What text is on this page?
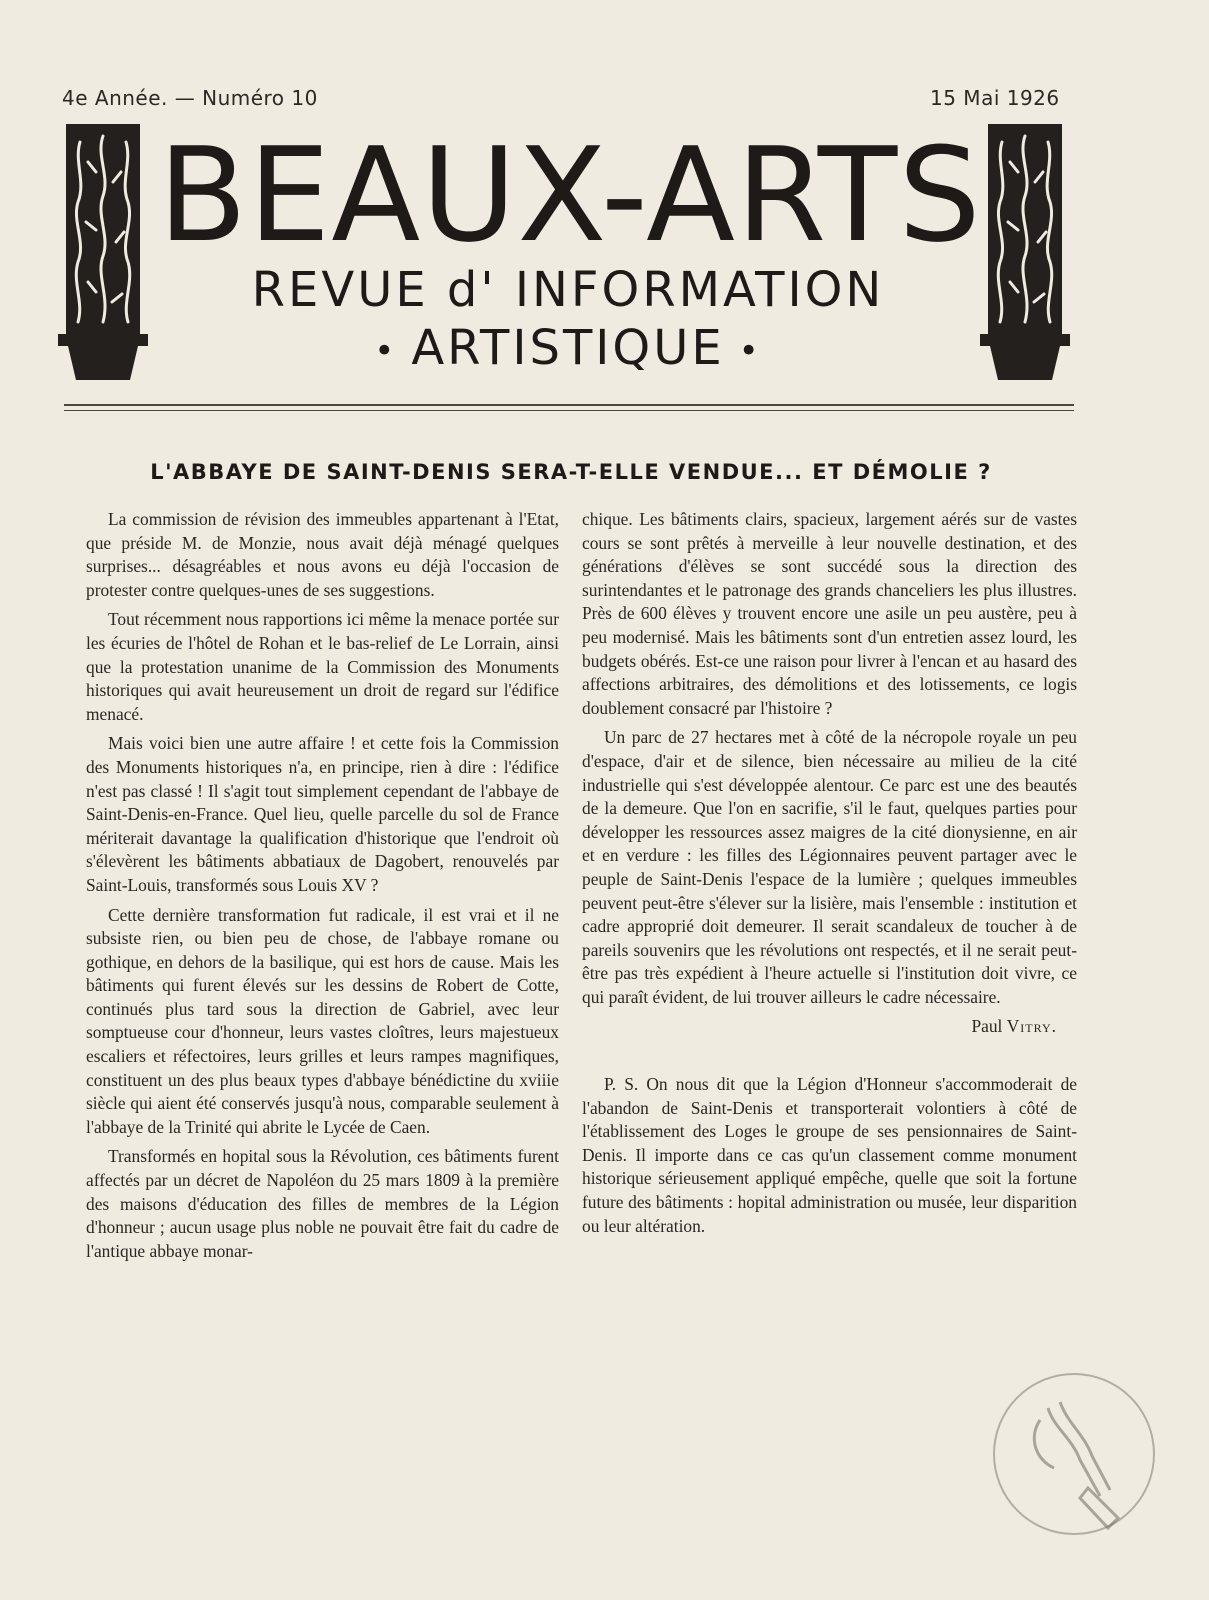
4e Année. — Numéro 10	15 Mai 1926
BEAUX-ARTS
REVUE d' INFORMATION
• ARTISTIQUE •
L'ABBAYE DE SAINT-DENIS SERA-T-ELLE VENDUE... ET DÉMOLIE ?

La commission de révision des immeubles appartenant à l'Etat, que préside M. de Monzie, nous avait déjà ménagé quelques surprises... désagréables et nous avons eu déjà l'occasion de protester contre quelques-unes de ses suggestions.

Tout récemment nous rapportions ici même la menace portée sur les écuries de l'hôtel de Rohan et le bas-relief de Le Lorrain, ainsi que la protestation unanime de la Commission des Monuments historiques qui avait heureusement un droit de regard sur l'édifice menacé.

Mais voici bien une autre affaire ! et cette fois la Commission des Monuments historiques n'a, en principe, rien à dire : l'édifice n'est pas classé ! Il s'agit tout simplement cependant de l'abbaye de Saint-Denis-en-France. Quel lieu, quelle parcelle du sol de France mériterait davantage la qualification d'historique que l'endroit où s'élevèrent les bâtiments abbatiaux de Dagobert, renouvelés par Saint-Louis, transformés sous Louis XV ?

Cette dernière transformation fut radicale, il est vrai et il ne subsiste rien, ou bien peu de chose, de l'abbaye romane ou gothique, en dehors de la basilique, qui est hors de cause. Mais les bâtiments qui furent élevés sur les dessins de Robert de Cotte, continués plus tard sous la direction de Gabriel, avec leur somptueuse cour d'honneur, leurs vastes cloîtres, leurs majestueux escaliers et réfectoires, leurs grilles et leurs rampes magnifiques, constituent un des plus beaux types d'abbaye bénédictine du xviiie siècle qui aient été conservés jusqu'à nous, comparable seulement à l'abbaye de la Trinité qui abrite le Lycée de Caen.

Transformés en hopital sous la Révolution, ces bâtiments furent affectés par un décret de Napoléon du 25 mars 1809 à la première des maisons d'éducation des filles de membres de la Légion d'honneur ; aucun usage plus noble ne pouvait être fait du cadre de l'antique abbaye monar-

chique. Les bâtiments clairs, spacieux, largement aérés sur de vastes cours se sont prêtés à merveille à leur nouvelle destination, et des générations d'élèves se sont succédé sous la direction des surintendantes et le patronage des grands chanceliers les plus illustres. Près de 600 élèves y trouvent encore une asile un peu austère, peu à peu modernisé. Mais les bâtiments sont d'un entretien assez lourd, les budgets obérés. Est-ce une raison pour livrer à l'encan et au hasard des affections arbitraires, des démolitions et des lotissements, ce logis doublement consacré par l'histoire ?

Un parc de 27 hectares met à côté de la nécropole royale un peu d'espace, d'air et de silence, bien nécessaire au milieu de la cité industrielle qui s'est développée alentour. Ce parc est une des beautés de la demeure. Que l'on en sacrifie, s'il le faut, quelques parties pour développer les ressources assez maigres de la cité dionysienne, en air et en verdure : les filles des Légionnaires peuvent partager avec le peuple de Saint-Denis l'espace de la lumière ; quelques immeubles peuvent peut-être s'élever sur la lisière, mais l'ensemble : institution et cadre approprié doit demeurer. Il serait scandaleux de toucher à de pareils souvenirs que les révolutions ont respectés, et il ne serait peut-être pas très expédient à l'heure actuelle si l'institution doit vivre, ce qui paraît évident, de lui trouver ailleurs le cadre nécessaire.

Paul Vitry.

P. S. On nous dit que la Légion d'Honneur s'accommoderait de l'abandon de Saint-Denis et transporterait volontiers à côté de l'établissement des Loges le groupe de ses pensionnaires de Saint-Denis. Il importe dans ce cas qu'un classement comme monument historique sérieusement appliqué empêche, quelle que soit la fortune future des bâtiments : hopital administration ou musée, leur disparition ou leur altération.
